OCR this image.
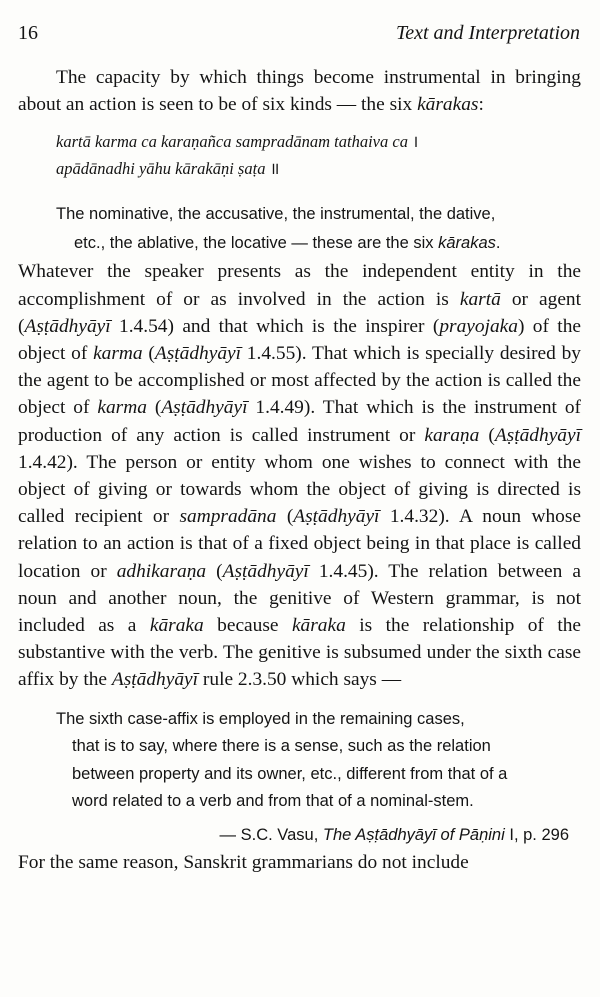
16	Text and Interpretation

The capacity by which things become instrumental in bringing about an action is seen to be of six kinds — the six kārakas:

kartā karma ca karaṇañca sampradānam tathaiva ca ।
apādānadhi yāhu kārakāṇi ṣaṭa ॥
The nominative, the accusative, the instrumental, the dative,
etc., the ablative, the locative — these are the six kārakas.

Whatever the speaker presents as the independent entity in the accomplishment of or as involved in the action is kartā or agent (Aṣṭādhyāyī 1.4.54) and that which is the inspirer (prayojaka) of the object of karma (Aṣṭādhyāyī 1.4.55). That which is specially desired by the agent to be accomplished or most affected by the action is called the object of karma (Aṣṭādhyāyī 1.4.49). That which is the instrument of production of any action is called instrument or karaṇa (Aṣṭādhyāyī 1.4.42). The person or entity whom one wishes to connect with the object of giving or towards whom the object of giving is directed is called recipient or sampradāna (Aṣṭādhyāyī 1.4.32). A noun whose relation to an action is that of a fixed object being in that place is called location or adhikaraṇa (Aṣṭādhyāyī 1.4.45). The relation between a noun and another noun, the genitive of Western grammar, is not included as a kāraka because kāraka is the relationship of the substantive with the verb. The genitive is subsumed under the sixth case affix by the Aṣṭādhyāyī rule 2.3.50 which says —

The sixth case-affix is employed in the remaining cases,
that is to say, where there is a sense, such as the relation
between property and its owner, etc., different from that of a
word related to a verb and from that of a nominal-stem.
— S.C. Vasu, The Aṣṭādhyāyī of Pāṇini I, p. 296

For the same reason, Sanskrit grammarians do not include
